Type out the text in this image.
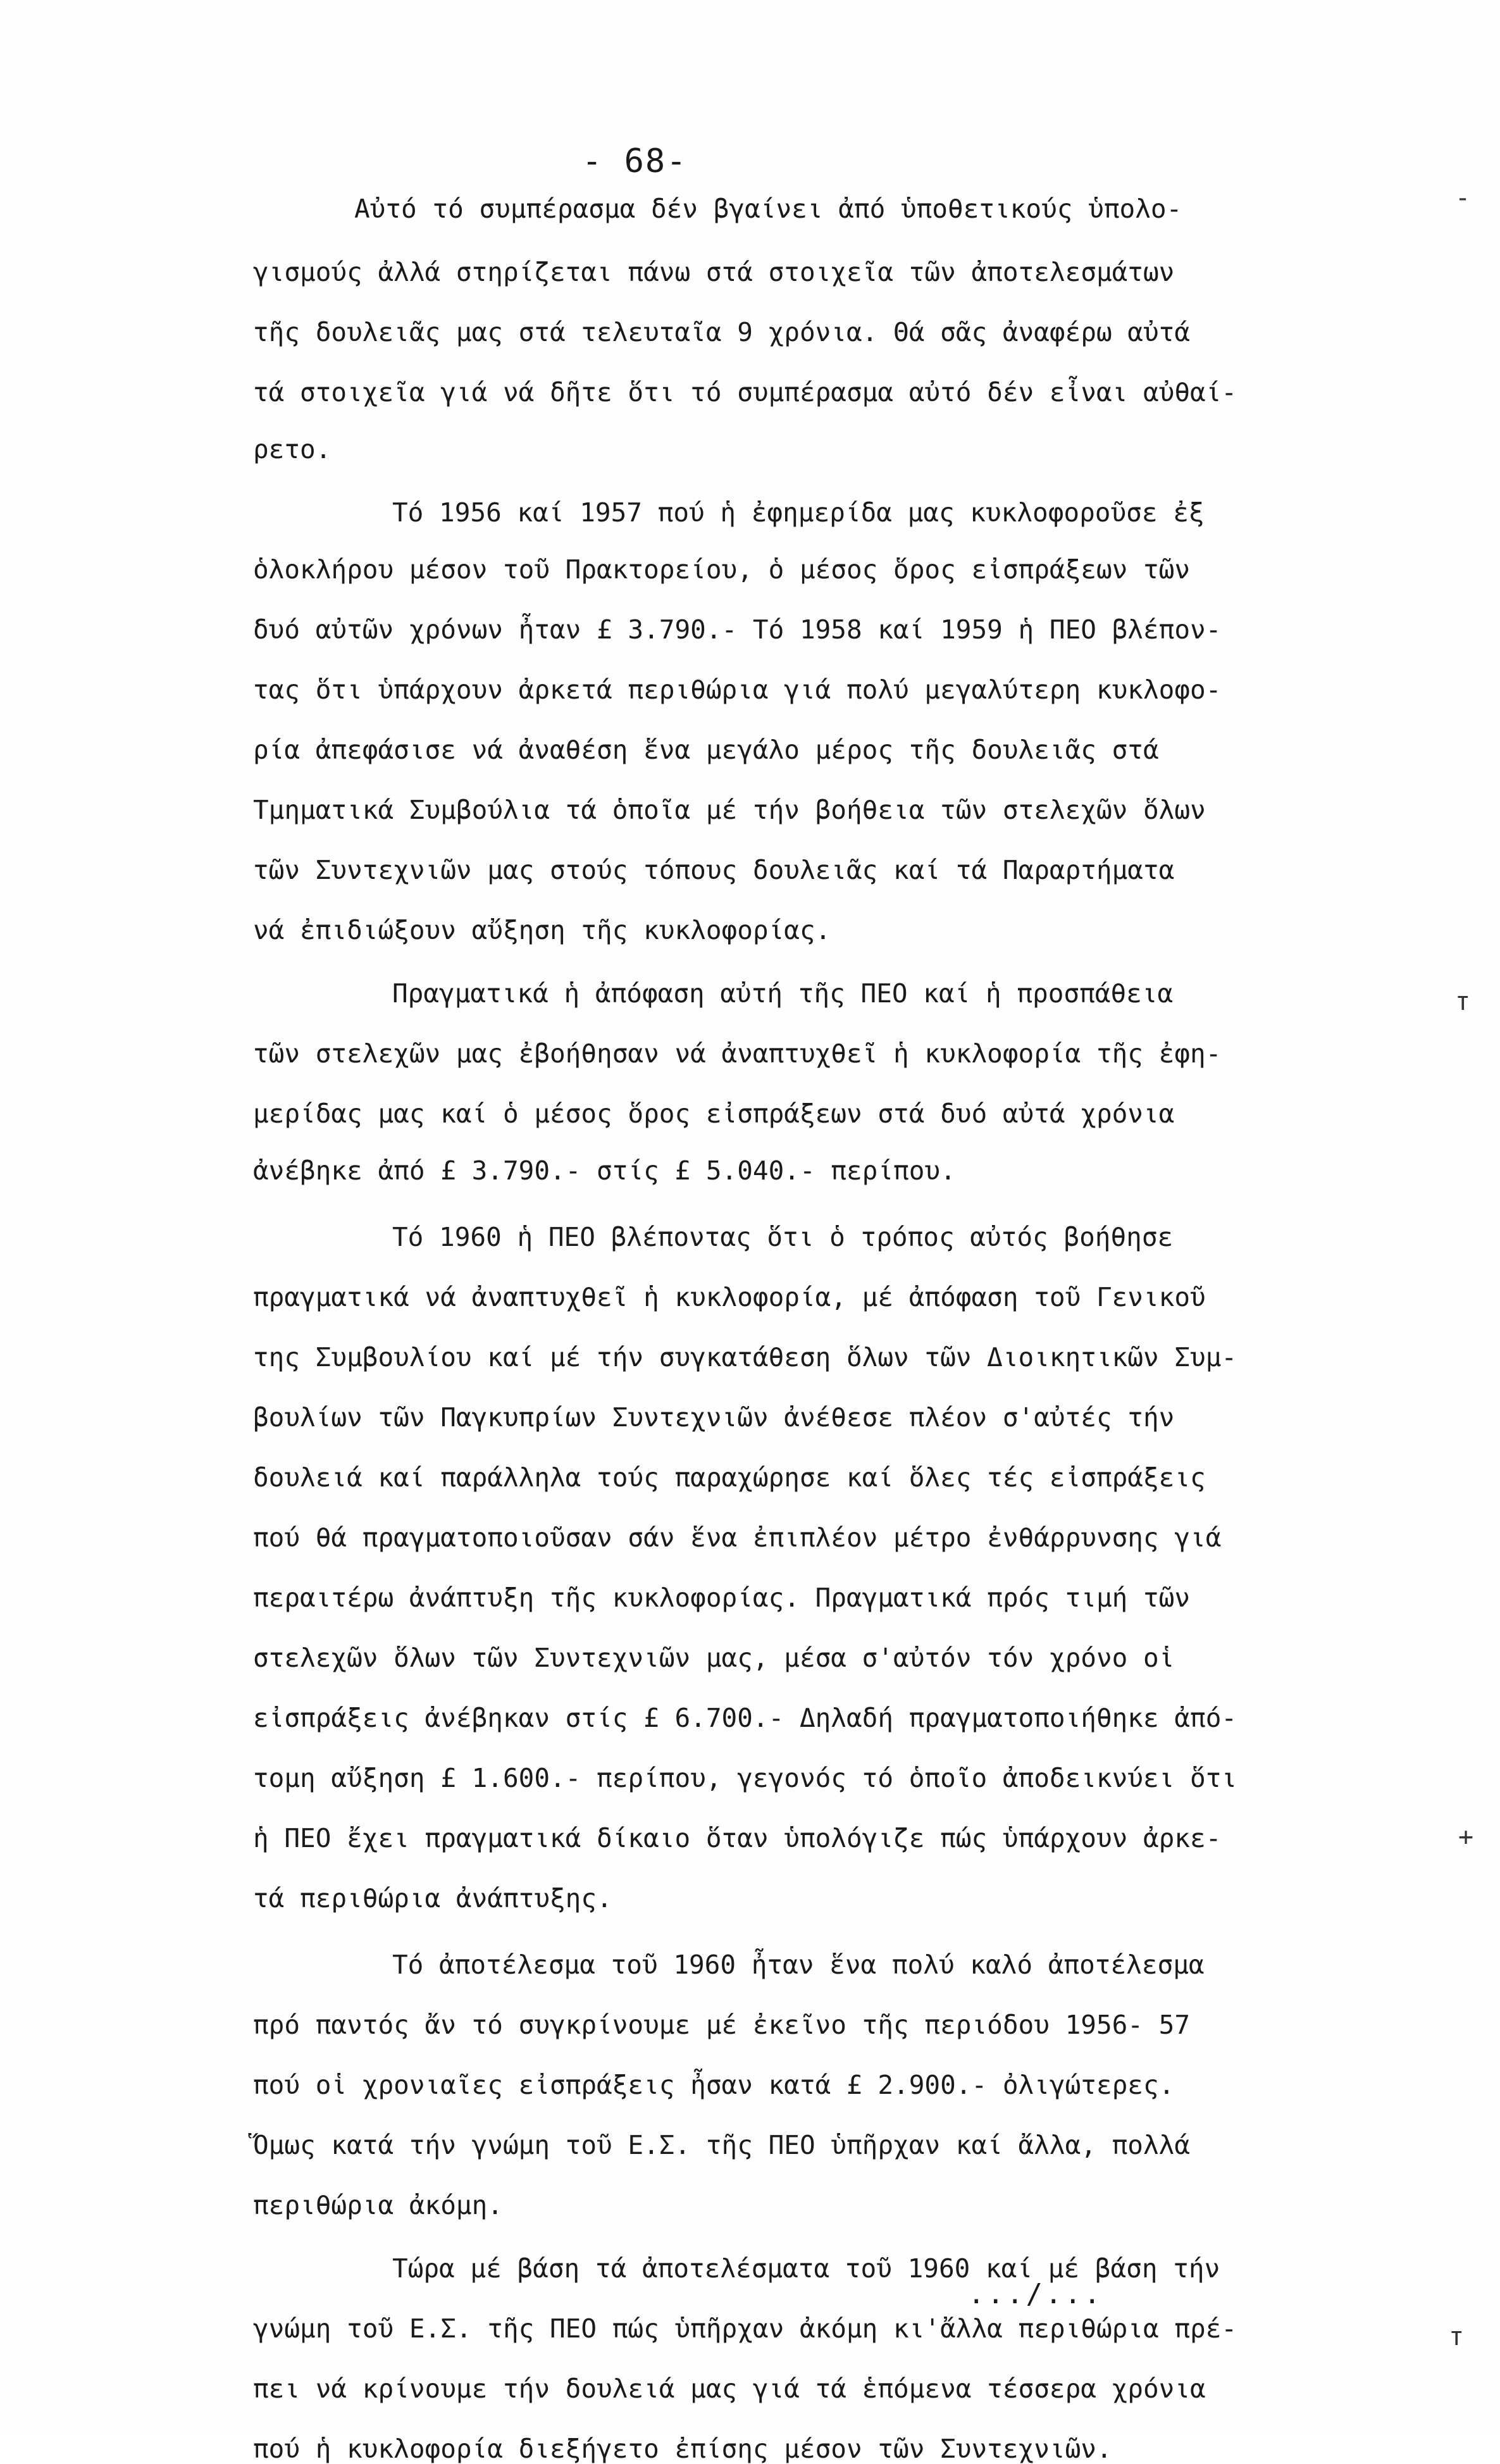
- 68-
Αὐτό τό συμπέρασμα δέν βγαίνει ἀπό ὑποθετικούς ὑπολο-
γισμούς ἀλλά στηρίζεται πάνω στά στοιχεῖα τῶν ἀποτελεσμάτων
τῆς δουλειᾶς μας στά τελευταῖα 9 χρόνια. Θά σᾶς ἀναφέρω αὐτά
τά στοιχεῖα γιά νά δῆτε ὅτι τό συμπέρασμα αὐτό δέν εἶναι αὐθαί-
ρετο.
Τό 1956 καί 1957 πού ἡ ἐφημερίδα μας κυκλοφοροῦσε ἐξ
ὁλοκλήρου μέσον τοῦ Πρακτορείου, ὁ μέσος ὅρος εἰσπράξεων τῶν
δυό αὐτῶν χρόνων ἦταν £ 3.790.- Τό 1958 καί 1959 ἡ ΠΕΟ βλέπον-
τας ὅτι ὑπάρχουν ἀρκετά περιθώρια γιά πολύ μεγαλύτερη κυκλοφο-
ρία ἀπεφάσισε νά ἀναθέση ἕνα μεγάλο μέρος τῆς δουλειᾶς στά
Τμηματικά Συμβούλια τά ὁποῖα μέ τήν βοήθεια τῶν στελεχῶν ὅλων
τῶν Συντεχνιῶν μας στούς τόπους δουλειᾶς καί τά Παραρτήματα
νά ἐπιδιώξουν αὔξηση τῆς κυκλοφορίας.
Πραγματικά ἡ ἀπόφαση αὐτή τῆς ΠΕΟ καί ἡ προσπάθεια
τῶν στελεχῶν μας ἐβοήθησαν νά ἀναπτυχθεῖ ἡ κυκλοφορία τῆς ἐφη-
μερίδας μας καί ὁ μέσος ὅρος εἰσπράξεων στά δυό αὐτά χρόνια
ἀνέβηκε ἀπό £ 3.790.- στίς £ 5.040.- περίπου.
Τό 1960 ἡ ΠΕΟ βλέποντας ὅτι ὁ τρόπος αὐτός βοήθησε
πραγματικά νά ἀναπτυχθεῖ ἡ κυκλοφορία, μέ ἀπόφαση τοῦ Γενικοῦ
της Συμβουλίου καί μέ τήν συγκατάθεση ὅλων τῶν Διοικητικῶν Συμ-
βουλίων τῶν Παγκυπρίων Συντεχνιῶν ἀνέθεσε πλέον σ'αὐτές τήν
δουλειά καί παράλληλα τούς παραχώρησε καί ὅλες τές εἰσπράξεις
πού θά πραγματοποιοῦσαν σάν ἕνα ἐπιπλέον μέτρο ἐνθάρρυνσης γιά
περαιτέρω ἀνάπτυξη τῆς κυκλοφορίας. Πραγματικά πρός τιμή τῶν
στελεχῶν ὅλων τῶν Συντεχνιῶν μας, μέσα σ'αὐτόν τόν χρόνο οἱ
εἰσπράξεις ἀνέβηκαν στίς £ 6.700.- Δηλαδή πραγματοποιήθηκε ἀπό-
τομη αὔξηση £ 1.600.- περίπου, γεγονός τό ὁποῖο ἀποδεικνύει ὅτι
ἡ ΠΕΟ ἔχει πραγματικά δίκαιο ὅταν ὑπολόγιζε πώς ὑπάρχουν ἀρκε-
τά περιθώρια ἀνάπτυξης.
Τό ἀποτέλεσμα τοῦ 1960 ἦταν ἕνα πολύ καλό ἀποτέλεσμα
πρό παντός ἄν τό συγκρίνουμε μέ ἐκεῖνο τῆς περιόδου 1956- 57
πού οἱ χρονιαῖες εἰσπράξεις ἦσαν κατά £ 2.900.- ὀλιγώτερες.
Ὅμως κατά τήν γνώμη τοῦ Ε.Σ. τῆς ΠΕΟ ὑπῆρχαν καί ἄλλα, πολλά
περιθώρια ἀκόμη.
Τώρα μέ βάση τά ἀποτελέσματα τοῦ 1960 καί μέ βάση τήν
γνώμη τοῦ Ε.Σ. τῆς ΠΕΟ πώς ὑπῆρχαν ἀκόμη κι'ἄλλα περιθώρια πρέ-
πει νά κρίνουμε τήν δουλειά μας γιά τά ἑπόμενα τέσσερα χρόνια
πού ἡ κυκλοφορία διεξήγετο ἐπίσης μέσον τῶν Συντεχνιῶν.
.../...
-
т
+
т
